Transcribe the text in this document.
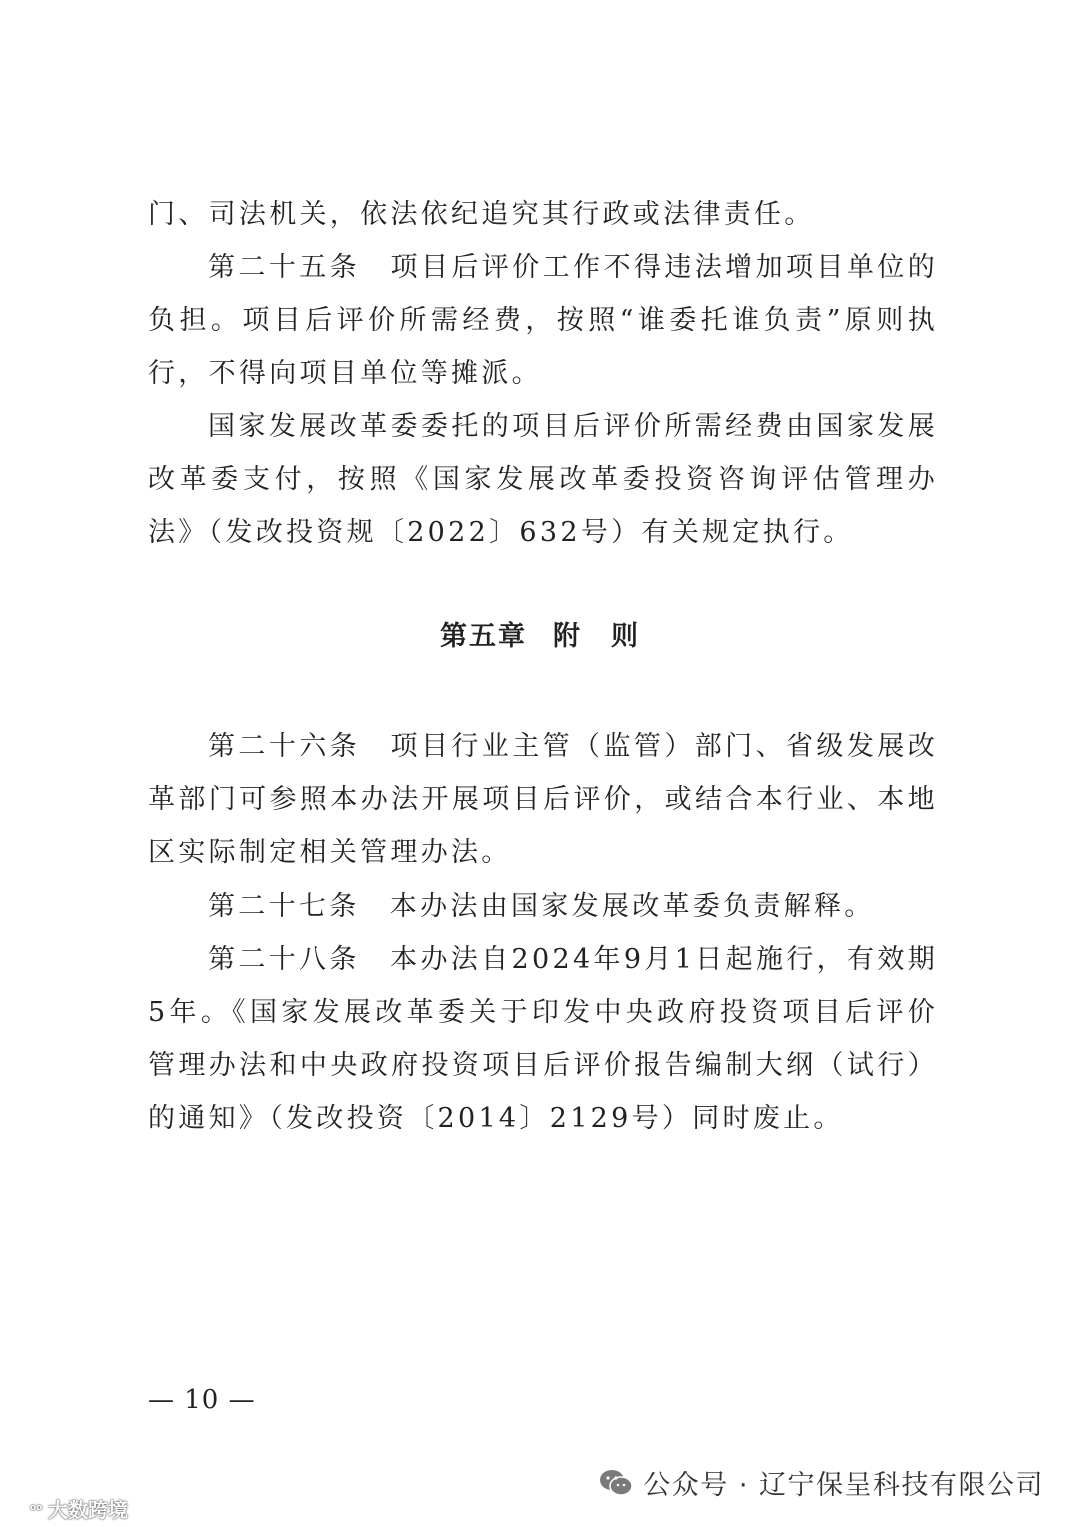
门、司法机关，依法依纪追究其行政或法律责任。

第二十五条　项目后评价工作不得违法增加项目单位的负担。项目后评价所需经费，按照“谁委托谁负责”原则执行，不得向项目单位等摊派。

国家发展改革委委托的项目后评价所需经费由国家发展改革委支付，按照《国家发展改革委投资咨询评估管理办法》（发改投资规〔2022〕632号）有关规定执行。

第五章 附　则

第二十六条　项目行业主管（监管）部门、省级发展改革部门可参照本办法开展项目后评价，或结合本行业、本地区实际制定相关管理办法。

第二十七条　本办法由国家发展改革委负责解释。

第二十八条　本办法自2024年9月1日起施行，有效期5年。《国家发展改革委关于印发中央政府投资项目后评价管理办法和中央政府投资项目后评价报告编制大纲（试行）的通知》（发改投资〔2014〕2129号）同时废止。

— 10 —
公众号 · 辽宁保呈科技有限公司
oo 大数跨境
